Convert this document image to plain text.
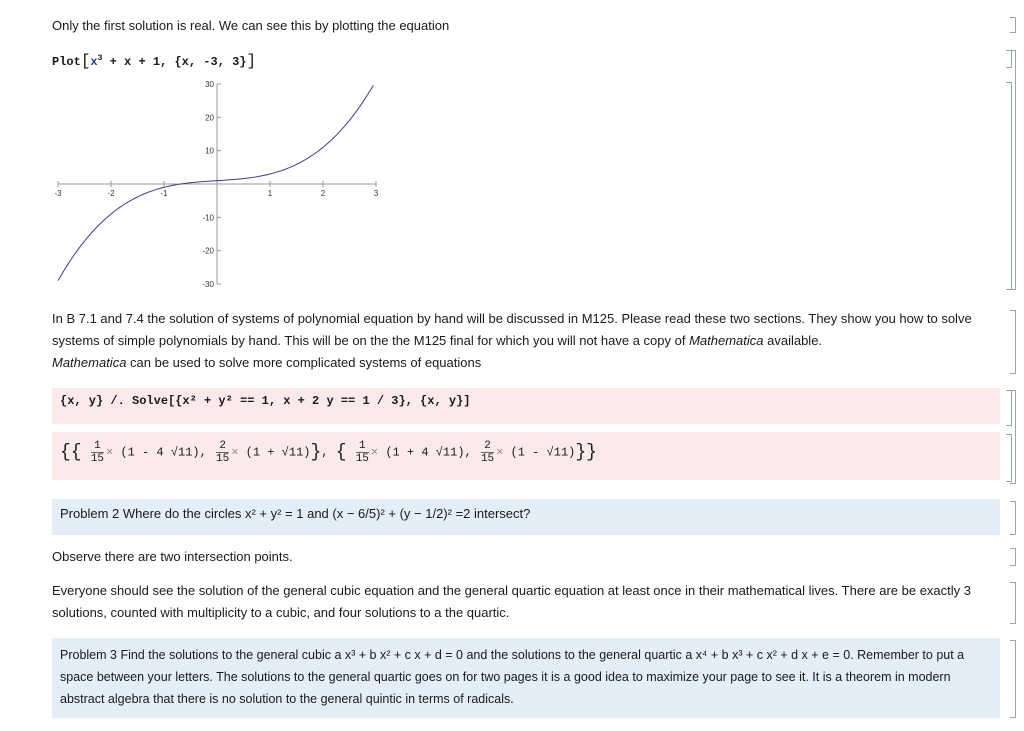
Only the first solution is real. We can see this by plotting the equation
$Plot[x^3 + x + 1$, {x, -3, 3}]
-3	-2	-1	1	2	3
30
20
10
-10
-20
-30
In B 7.1 and 7.4 the solution of systems of polynomial equation by hand will be discussed in M125. Please read these two sections. They show you how to solve
systems of simple polynomials by hand. This will be on the the M125 final for which you will not have a copy of Mathematica available.
Mathematica can be used to solve more complicated systems of equations
{x, y} /. Solve[{x² + y² == 1, x + 2 y == 1 / 3}, {x, y}]
{{ $\frac{1}{15} \times (1 - 4$ √11), $\frac{2}{15} \times (1 + √11)$}, { $\frac{1}{15} \times (1 + 4$ √11), $\frac{2}{15} \times (1 - √11)$}}
Problem 2 Where do the circles x² + y² = 1 and (x − 6/5)² + (y − 1/2)² =2 intersect?
Observe there are two intersection points.
Everyone should see the solution of the general cubic equation and the general quartic equation at least once in their mathematical lives. There are be exactly 3
solutions, counted with multiplicity to a cubic, and four solutions to a the quartic.
Problem 3 Find the solutions to the general cubic a x³ + b x² + c x + d = 0 and the solutions to the general quartic a x⁴ + b x³ + c x² + d x + e = 0. Remember to put a
space between your letters. The solutions to the general quartic goes on for two pages it is a good idea to maximize your page to see it. It is a theorem in modern
abstract algebra that there is no solution to the general quintic in terms of radicals.
